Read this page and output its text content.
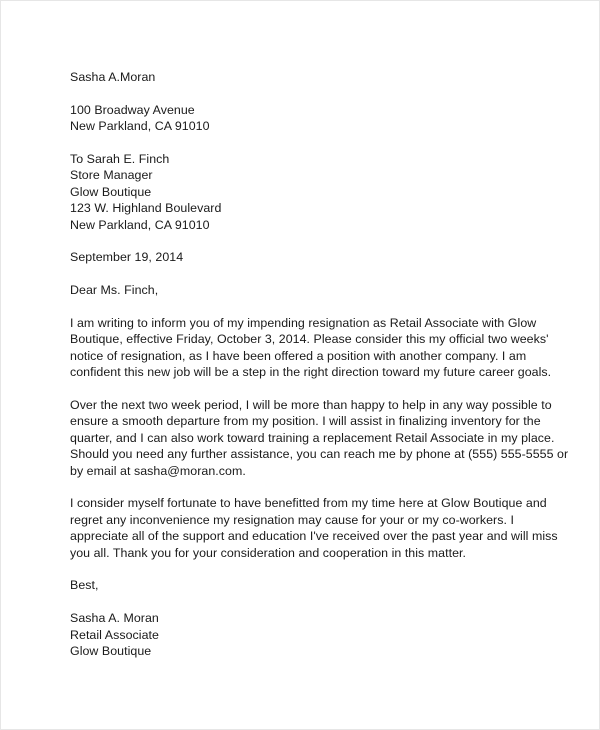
Sasha A.Moran
100 Broadway Avenue
New Parkland, CA 91010
To Sarah E. Finch
Store Manager
Glow Boutique
123 W. Highland Boulevard
New Parkland, CA 91010
September 19, 2014
Dear Ms. Finch,
I am writing to inform you of my impending resignation as Retail Associate with Glow
Boutique, effective Friday, October 3, 2014. Please consider this my official two weeks'
notice of resignation, as I have been offered a position with another company. I am
confident this new job will be a step in the right direction toward my future career goals.
Over the next two week period, I will be more than happy to help in any way possible to
ensure a smooth departure from my position. I will assist in finalizing inventory for the
quarter, and I can also work toward training a replacement Retail Associate in my place.
Should you need any further assistance, you can reach me by phone at (555) 555-5555 or
by email at sasha@moran.com.
I consider myself fortunate to have benefitted from my time here at Glow Boutique and
regret any inconvenience my resignation may cause for your or my co-workers. I
appreciate all of the support and education I've received over the past year and will miss
you all. Thank you for your consideration and cooperation in this matter.
Best,
Sasha A. Moran
Retail Associate
Glow Boutique
